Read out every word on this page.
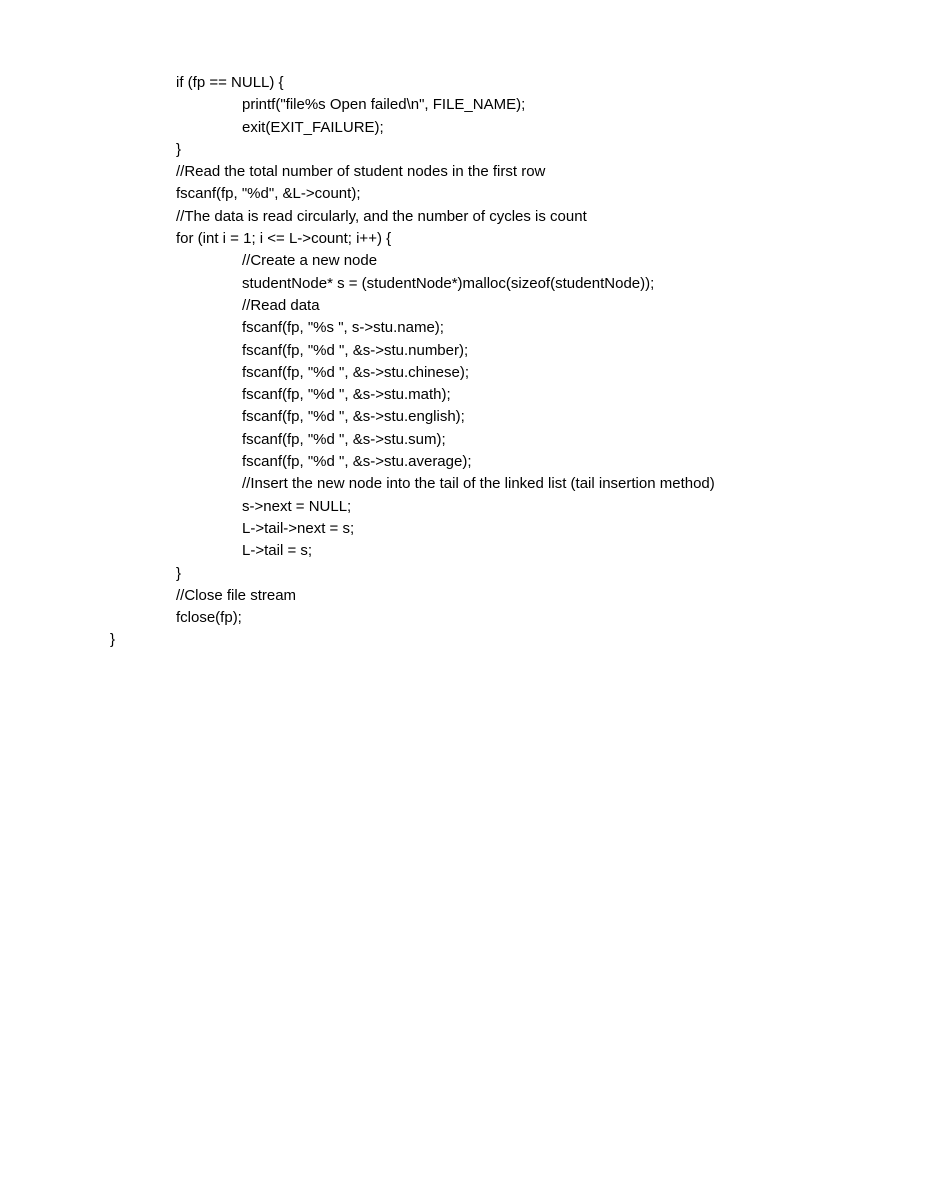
if (fp == NULL) {
printf("file%s Open failed\n", FILE_NAME);
exit(EXIT_FAILURE);
}
//Read the total number of student nodes in the first row
fscanf(fp, "%d", &L->count);
//The data is read circularly, and the number of cycles is count
for (int i = 1; i <= L->count; i++) {
//Create a new node
studentNode* s = (studentNode*)malloc(sizeof(studentNode));
//Read data
fscanf(fp, "%s ", s->stu.name);
fscanf(fp, "%d ", &s->stu.number);
fscanf(fp, "%d ", &s->stu.chinese);
fscanf(fp, "%d ", &s->stu.math);
fscanf(fp, "%d ", &s->stu.english);
fscanf(fp, "%d ", &s->stu.sum);
fscanf(fp, "%d ", &s->stu.average);
//Insert the new node into the tail of the linked list (tail insertion method)
s->next = NULL;
L->tail->next = s;
L->tail = s;
}
//Close file stream
fclose(fp);
}
